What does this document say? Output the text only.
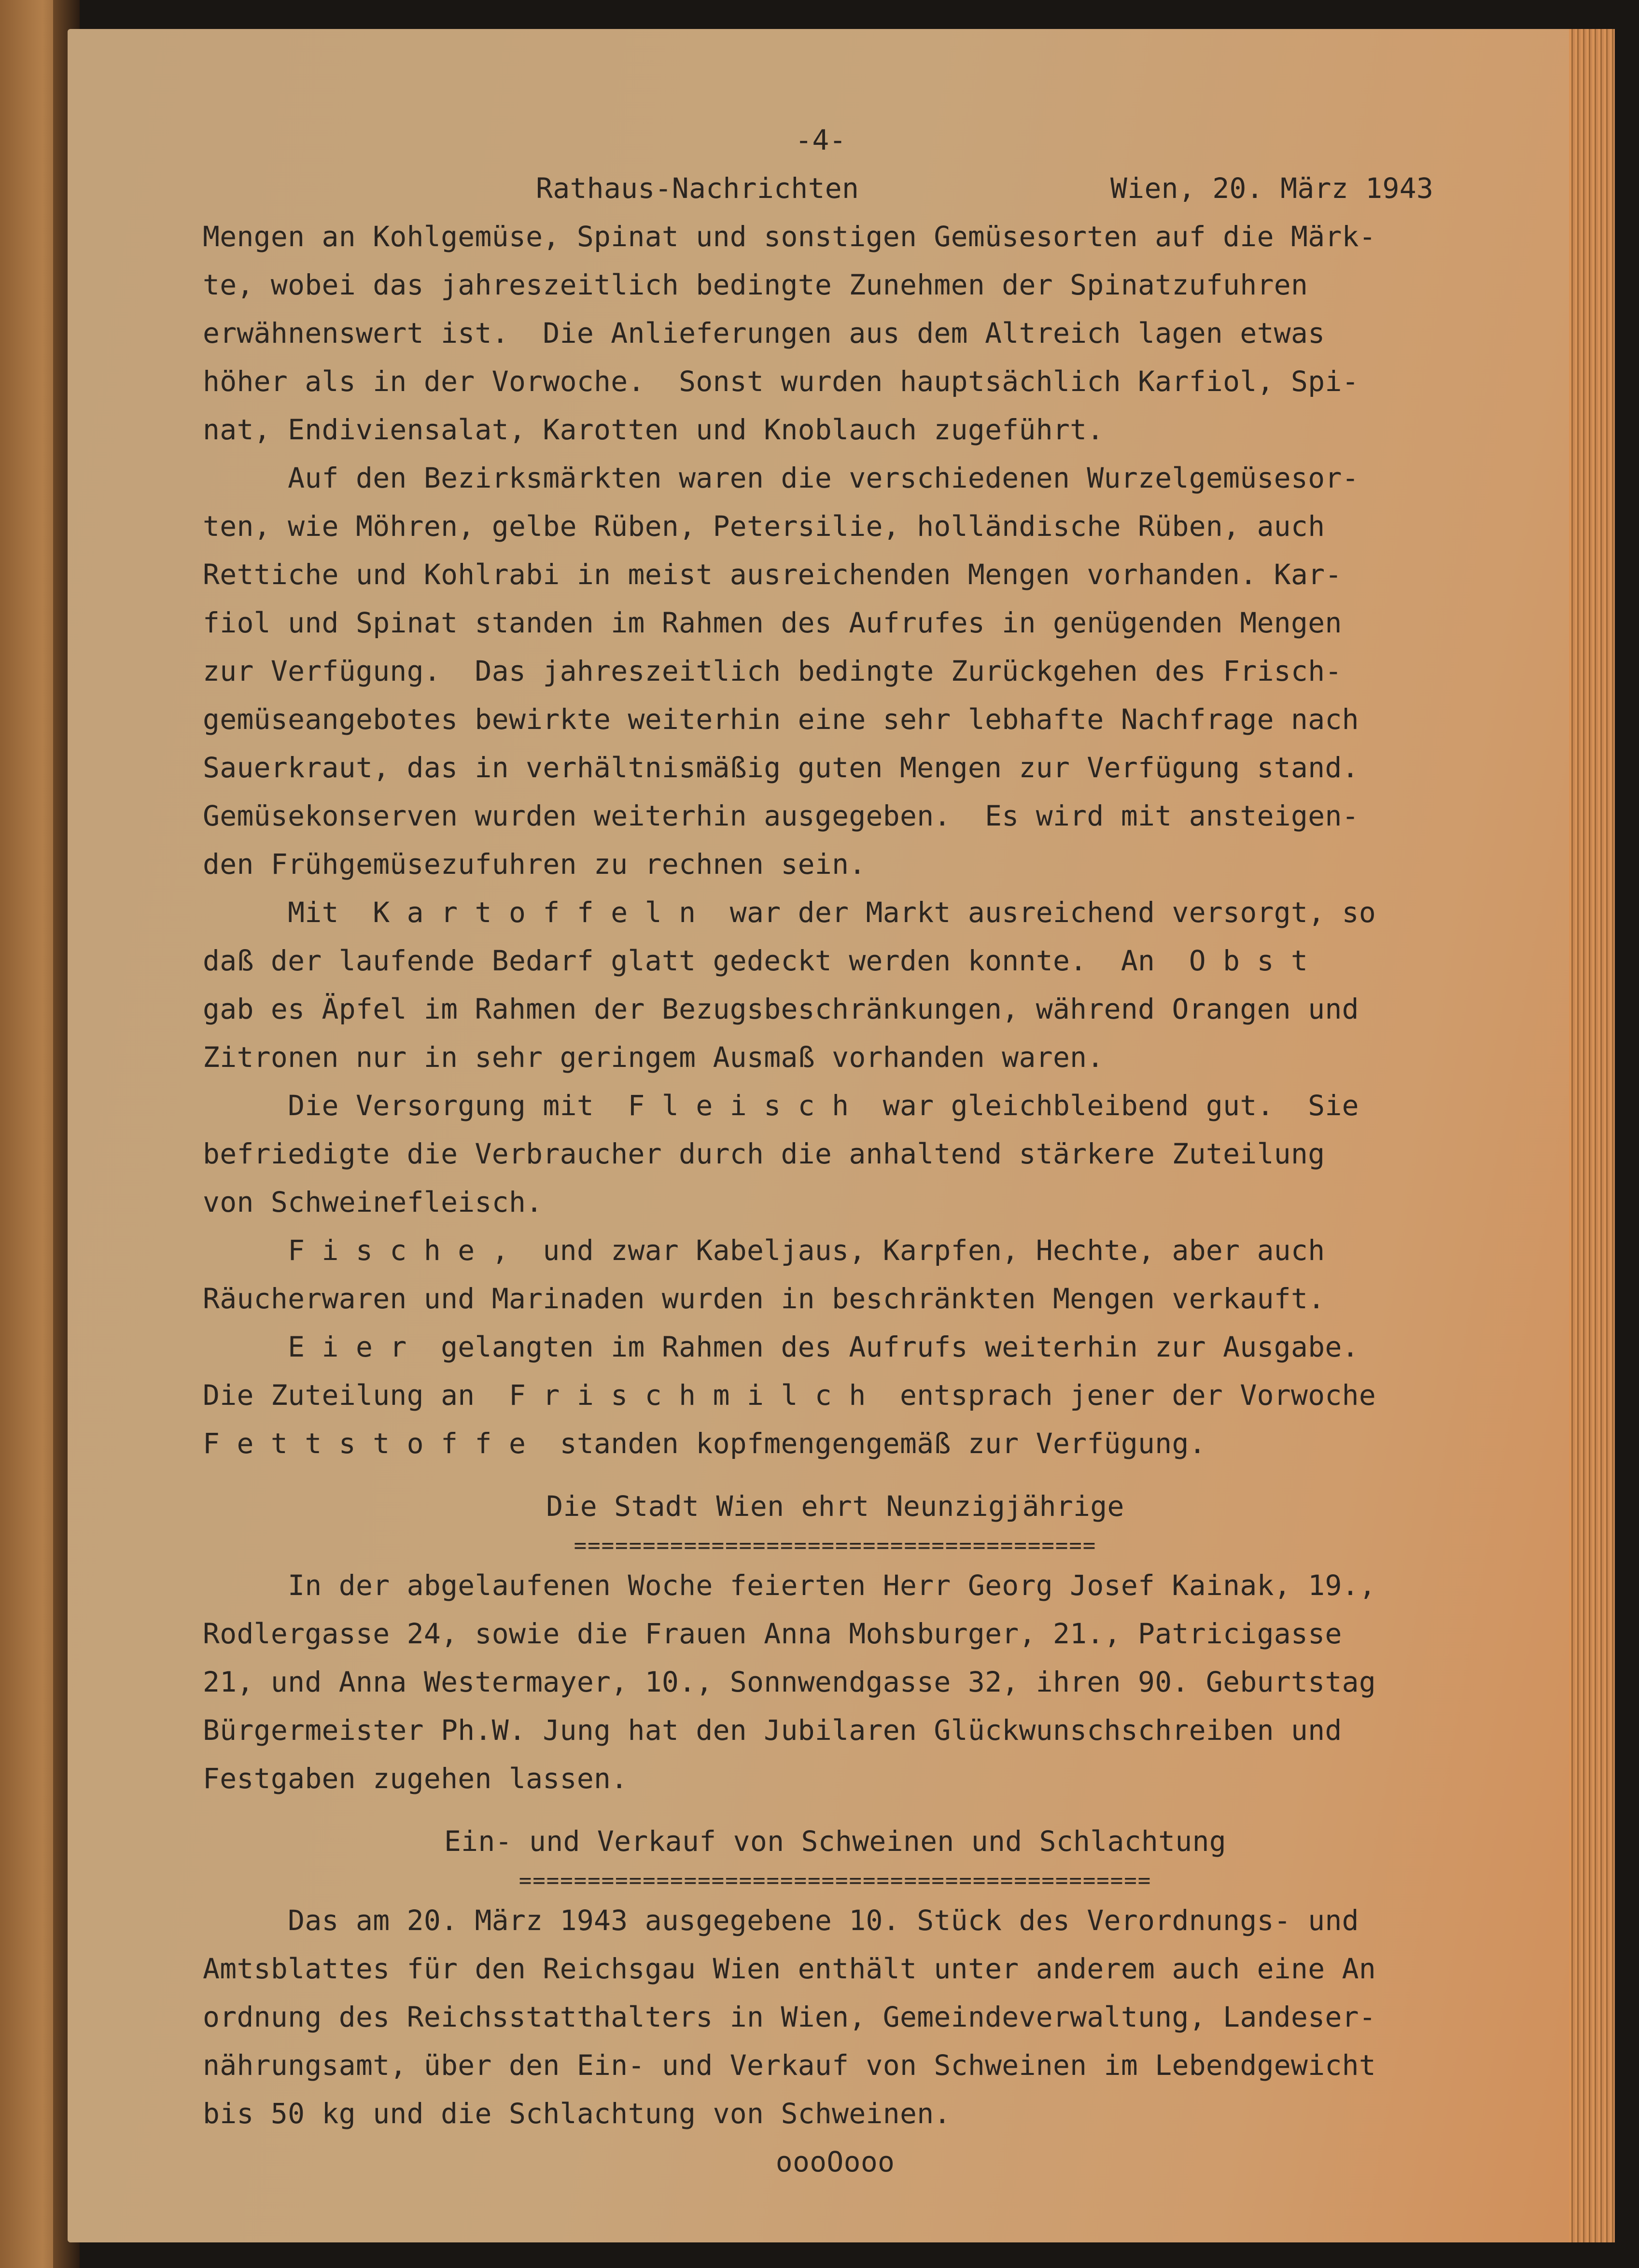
-4-
Rathaus-Nachrichten	Wien, 20. März 1943
Mengen an Kohlgemüse, Spinat und sonstigen Gemüsesorten auf die Märk-
te, wobei das jahreszeitlich bedingte Zunehmen der Spinatzufuhren
erwähnenswert ist.  Die Anlieferungen aus dem Altreich lagen etwas
höher als in der Vorwoche.  Sonst wurden hauptsächlich Karfiol, Spi-
nat, Endiviensalat, Karotten und Knoblauch zugeführt.
Auf den Bezirksmärkten waren die verschiedenen Wurzelgemüsesor-
ten, wie Möhren, gelbe Rüben, Petersilie, holländische Rüben, auch
Rettiche und Kohlrabi in meist ausreichenden Mengen vorhanden. Kar-
fiol und Spinat standen im Rahmen des Aufrufes in genügenden Mengen
zur Verfügung.  Das jahreszeitlich bedingte Zurückgehen des Frisch-
gemüseangebotes bewirkte weiterhin eine sehr lebhafte Nachfrage nach
Sauerkraut, das in verhältnismäßig guten Mengen zur Verfügung stand.
Gemüsekonserven wurden weiterhin ausgegeben.  Es wird mit ansteigen-
den Frühgemüsezufuhren zu rechnen sein.
Mit  K a r t o f f e l n  war der Markt ausreichend versorgt, so
daß der laufende Bedarf glatt gedeckt werden konnte.  An  O b s t
gab es Äpfel im Rahmen der Bezugsbeschränkungen, während Orangen und
Zitronen nur in sehr geringem Ausmaß vorhanden waren.
Die Versorgung mit  F l e i s c h  war gleichbleibend gut.  Sie
befriedigte die Verbraucher durch die anhaltend stärkere Zuteilung
von Schweinefleisch.
F i s c h e ,  und zwar Kabeljaus, Karpfen, Hechte, aber auch
Räucherwaren und Marinaden wurden in beschränkten Mengen verkauft.
E i e r  gelangten im Rahmen des Aufrufs weiterhin zur Ausgabe.
Die Zuteilung an  F r i s c h m i l c h  entsprach jener der Vorwoche
F e t t s t o f f e  standen kopfmengengemäß zur Verfügung.
Die Stadt Wien ehrt Neunzigjährige
======================================
In der abgelaufenen Woche feierten Herr Georg Josef Kainak, 19.,
Rodlergasse 24, sowie die Frauen Anna Mohsburger, 21., Patricigasse
21, und Anna Westermayer, 10., Sonnwendgasse 32, ihren 90. Geburtstag
Bürgermeister Ph.W. Jung hat den Jubilaren Glückwunschschreiben und
Festgaben zugehen lassen.
Ein- und Verkauf von Schweinen und Schlachtung
==============================================
Das am 20. März 1943 ausgegebene 10. Stück des Verordnungs- und
Amtsblattes für den Reichsgau Wien enthält unter anderem auch eine An
ordnung des Reichsstatthalters in Wien, Gemeindeverwaltung, Landeser-
nährungsamt, über den Ein- und Verkauf von Schweinen im Lebendgewicht
bis 50 kg und die Schlachtung von Schweinen.
oooOooo
